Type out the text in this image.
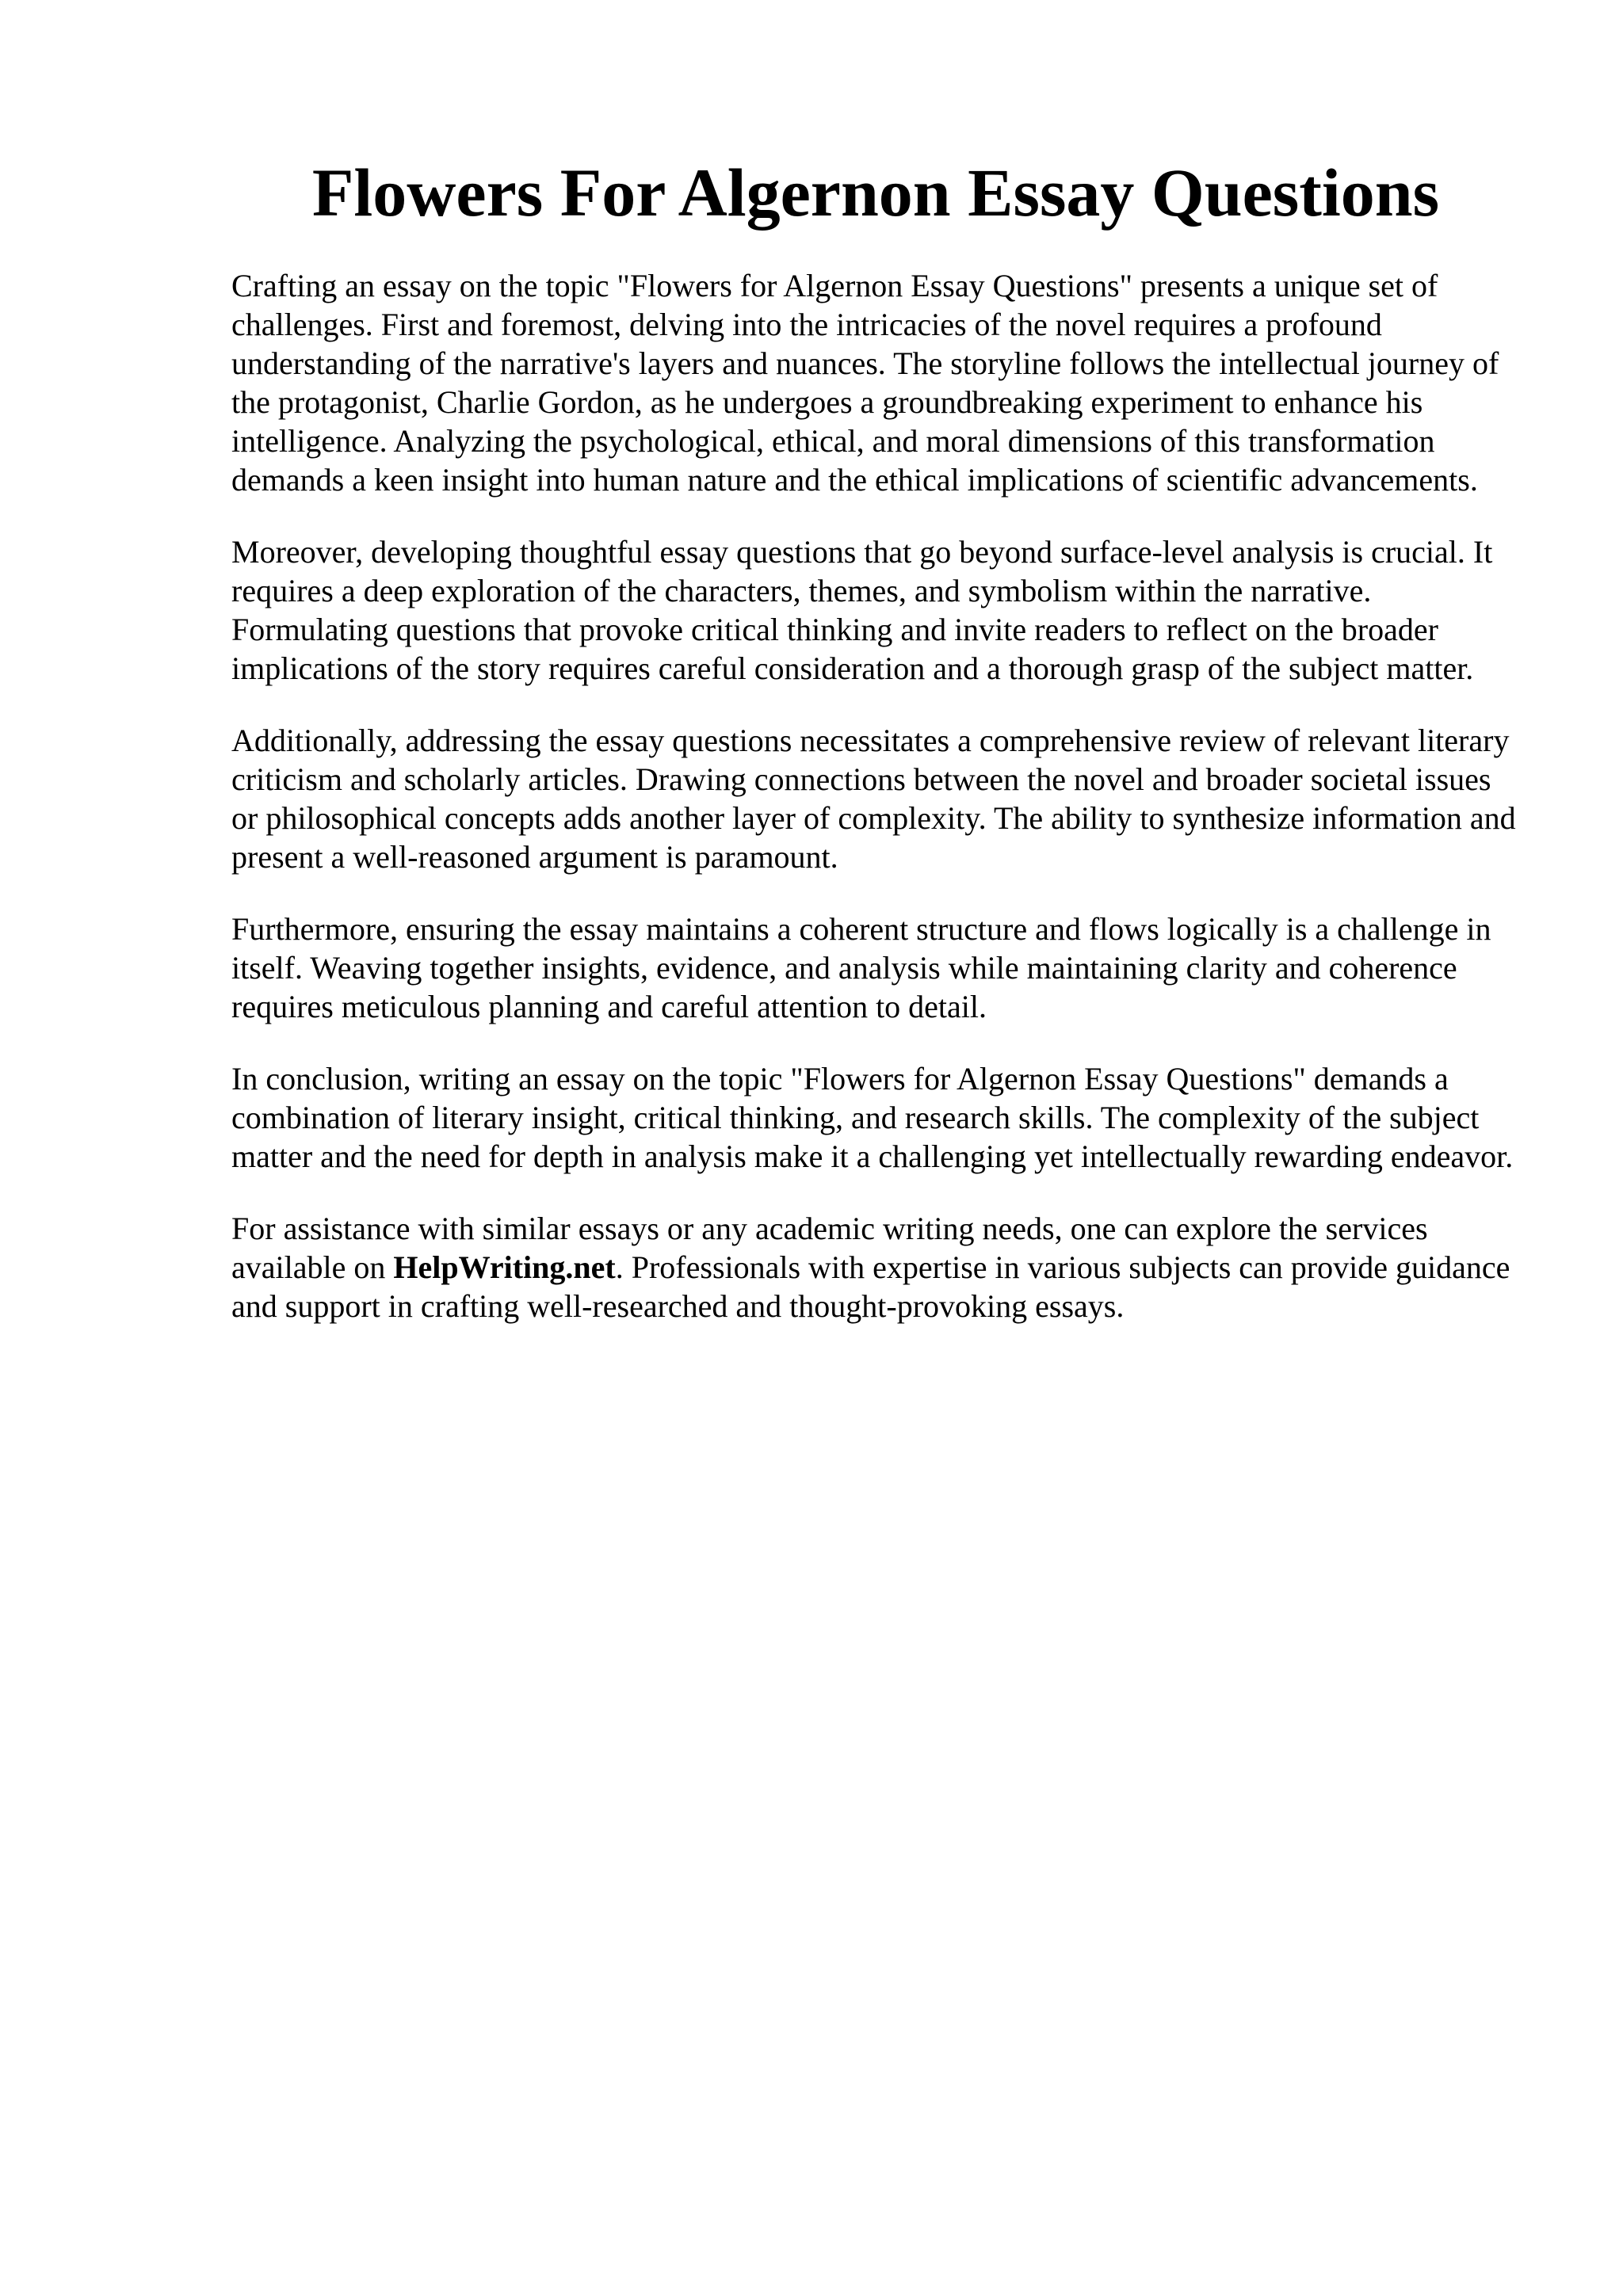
Flowers For Algernon Essay Questions

Crafting an essay on the topic "Flowers for Algernon Essay Questions" presents a unique set of challenges. First and foremost, delving into the intricacies of the novel requires a profound understanding of the narrative's layers and nuances. The storyline follows the intellectual journey of the protagonist, Charlie Gordon, as he undergoes a groundbreaking experiment to enhance his intelligence. Analyzing the psychological, ethical, and moral dimensions of this transformation demands a keen insight into human nature and the ethical implications of scientific advancements.

Moreover, developing thoughtful essay questions that go beyond surface-level analysis is crucial. It requires a deep exploration of the characters, themes, and symbolism within the narrative. Formulating questions that provoke critical thinking and invite readers to reflect on the broader implications of the story requires careful consideration and a thorough grasp of the subject matter.

Additionally, addressing the essay questions necessitates a comprehensive review of relevant literary criticism and scholarly articles. Drawing connections between the novel and broader societal issues or philosophical concepts adds another layer of complexity. The ability to synthesize information and present a well-reasoned argument is paramount.

Furthermore, ensuring the essay maintains a coherent structure and flows logically is a challenge in itself. Weaving together insights, evidence, and analysis while maintaining clarity and coherence requires meticulous planning and careful attention to detail.

In conclusion, writing an essay on the topic "Flowers for Algernon Essay Questions" demands a combination of literary insight, critical thinking, and research skills. The complexity of the subject matter and the need for depth in analysis make it a challenging yet intellectually rewarding endeavor.

For assistance with similar essays or any academic writing needs, one can explore the services available on HelpWriting.net. Professionals with expertise in various subjects can provide guidance and support in crafting well-researched and thought-provoking essays.
